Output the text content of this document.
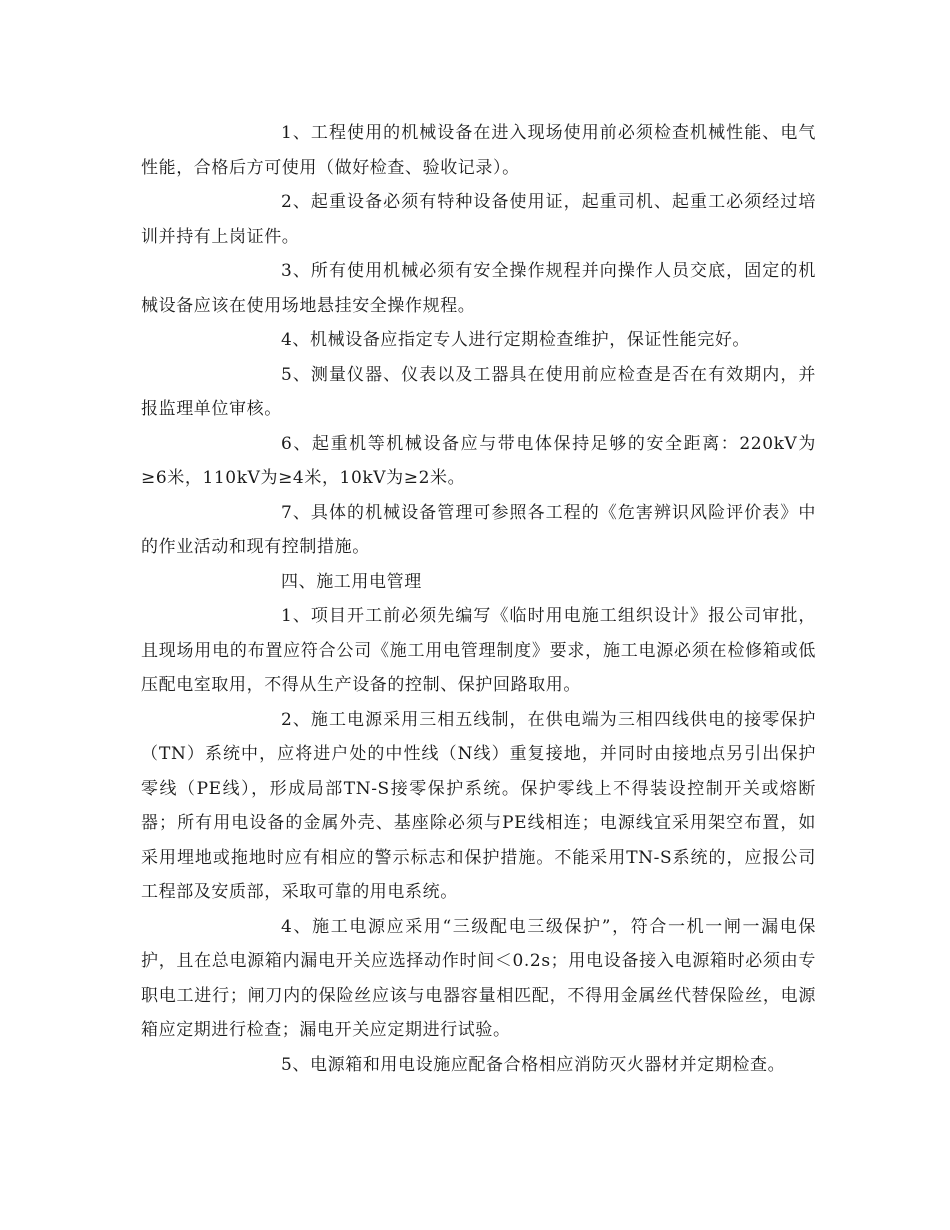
1、工程使用的机械设备在进入现场使用前必须检查机械性能、电气性能，合格后方可使用（做好检查、验收记录）。

2、起重设备必须有特种设备使用证，起重司机、起重工必须经过培训并持有上岗证件。

3、所有使用机械必须有安全操作规程并向操作人员交底，固定的机械设备应该在使用场地悬挂安全操作规程。

4、机械设备应指定专人进行定期检查维护，保证性能完好。

5、测量仪器、仪表以及工器具在使用前应检查是否在有效期内，并报监理单位审核。

6、起重机等机械设备应与带电体保持足够的安全距离：220kV为≥6米，110kV为≥4米，10kV为≥2米。

7、具体的机械设备管理可参照各工程的《危害辨识风险评价表》中的作业活动和现有控制措施。

四、施工用电管理

1、项目开工前必须先编写《临时用电施工组织设计》报公司审批，且现场用电的布置应符合公司《施工用电管理制度》要求，施工电源必须在检修箱或低压配电室取用，不得从生产设备的控制、保护回路取用。

2、施工电源采用三相五线制，在供电端为三相四线供电的接零保护（TN）系统中，应将进户处的中性线（N线）重复接地，并同时由接地点另引出保护零线（PE线），形成局部TN-S接零保护系统。保护零线上不得装设控制开关或熔断器；所有用电设备的金属外壳、基座除必须与PE线相连；电源线宜采用架空布置，如采用埋地或拖地时应有相应的警示标志和保护措施。不能采用TN-S系统的，应报公司工程部及安质部，采取可靠的用电系统。

4、施工电源应采用“三级配电三级保护”，符合一机一闸一漏电保护，且在总电源箱内漏电开关应选择动作时间＜0.2s；用电设备接入电源箱时必须由专职电工进行；闸刀内的保险丝应该与电器容量相匹配，不得用金属丝代替保险丝，电源箱应定期进行检查；漏电开关应定期进行试验。

5、电源箱和用电设施应配备合格相应消防灭火器材并定期检查。
